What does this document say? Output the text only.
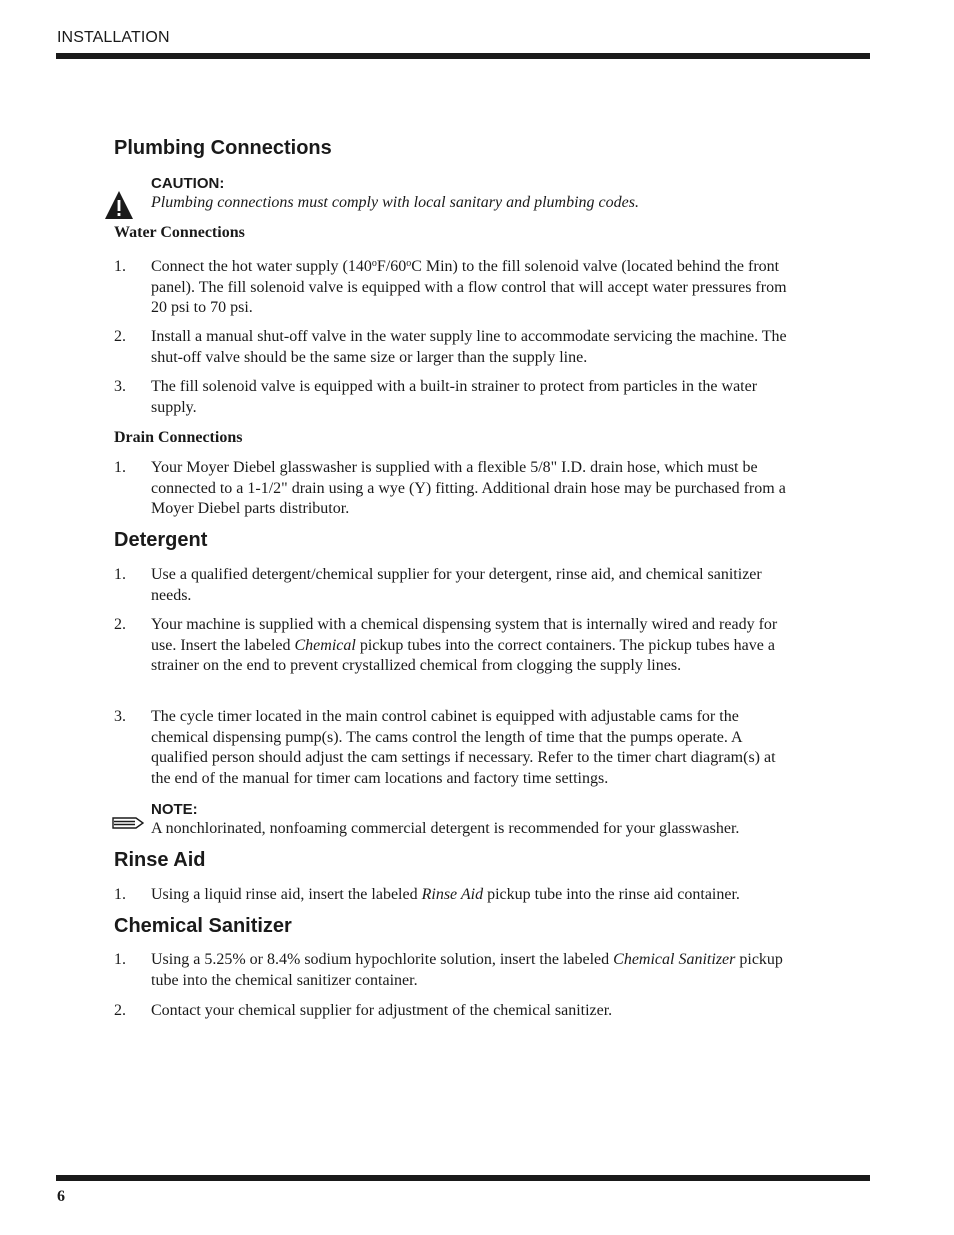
INSTALLATION
Plumbing Connections
CAUTION:
Plumbing connections must comply with local sanitary and plumbing codes.
Water Connections
1. Connect the hot water supply (140$^o$F/60$^o$C Min) to the fill solenoid valve (located behind the front panel). The fill solenoid valve is equipped with a flow control that will accept water pressures from 20 psi to 70 psi.
2. Install a manual shut-off valve in the water supply line to accommodate servicing the machine. The shut-off valve should be the same size or larger than the supply line.
3. The fill solenoid valve is equipped with a built-in strainer to protect from particles in the water supply.
Drain Connections
1. Your Moyer Diebel glasswasher is supplied with a flexible 5/8" I.D. drain hose, which must be connected to a 1-1/2" drain using a wye (Y) fitting. Additional drain hose may be purchased from a Moyer Diebel parts distributor.
Detergent
1. Use a qualified detergent/chemical supplier for your detergent, rinse aid, and chemical sanitizer needs.
2. Your machine is supplied with a chemical dispensing system that is internally wired and ready for use. Insert the labeled Chemical pickup tubes into the correct containers. The pickup tubes have a strainer on the end to prevent crystallized chemical from clogging the supply lines.
3. The cycle timer located in the main control cabinet is equipped with adjustable cams for the chemical dispensing pump(s). The cams control the length of time that the pumps operate. A qualified person should adjust the cam settings if necessary. Refer to the timer chart diagram(s) at the end of the manual for timer cam locations and factory time settings.
NOTE:
A nonchlorinated, nonfoaming commercial detergent is recommended for your glasswasher.
Rinse Aid
1. Using a liquid rinse aid, insert the labeled Rinse Aid pickup tube into the rinse aid container.
Chemical Sanitizer
1. Using a 5.25% or 8.4% sodium hypochlorite solution, insert the labeled Chemical Sanitizer pickup tube into the chemical sanitizer container.
2. Contact your chemical supplier for adjustment of the chemical sanitizer.
6
